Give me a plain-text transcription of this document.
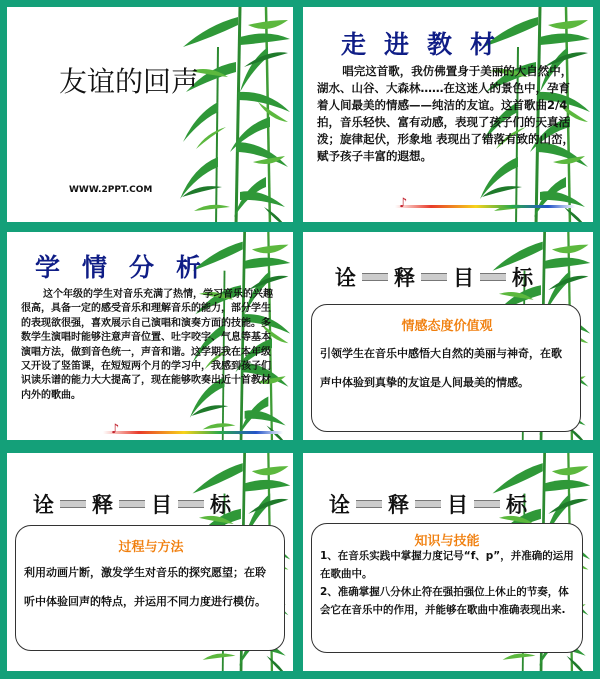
友谊的回声
WWW.2PPT.COM
走进教材
唱完这首歌，我仿佛置身于美丽的大自然中，湖水、山谷、大森林……在这迷人的景色中，孕育着人间最美的情感——纯洁的友谊。这首歌曲2/4拍，音乐轻快、富有动感，表现了孩子们的天真活泼；旋律起伏，形象地 表现出了错落有致的山峦，赋予孩子丰富的遐想。
♪
学情分析
这个年级的学生对音乐充满了热情，学习音乐的兴趣很高，具备一定的感受音乐和理解音乐的能力，部分学生的表现欲很强，喜欢展示自己演唱和演奏方面的技能。多数学生演唱时能够注意声音位置、吐字咬字、气息等基本演唱方法，做到音色统一，声音和谐。这学期我在本年级又开设了竖笛课，在短短两个月的学习中，我感到孩子们识读乐谱的能力大大提高了，现在能够吹奏出近十首教材内外的歌曲。
♪
诠 释 目 标
情感态度价值观
引领学生在音乐中感悟大自然的美丽与神奇，在歌声中体验到真挚的友谊是人间最美的情感。
诠 释 目 标
过程与方法
利用动画片断，激发学生对音乐的探究愿望；在聆听中体验回声的特点，并运用不同力度进行模仿。
诠 释 目 标
知识与技能
1、在音乐实践中掌握力度记号“f、p”，并准确的运用在歌曲中。
2、准确掌握八分休止符在强拍强位上休止的节奏，体会它在音乐中的作用，并能够在歌曲中准确表现出来.
